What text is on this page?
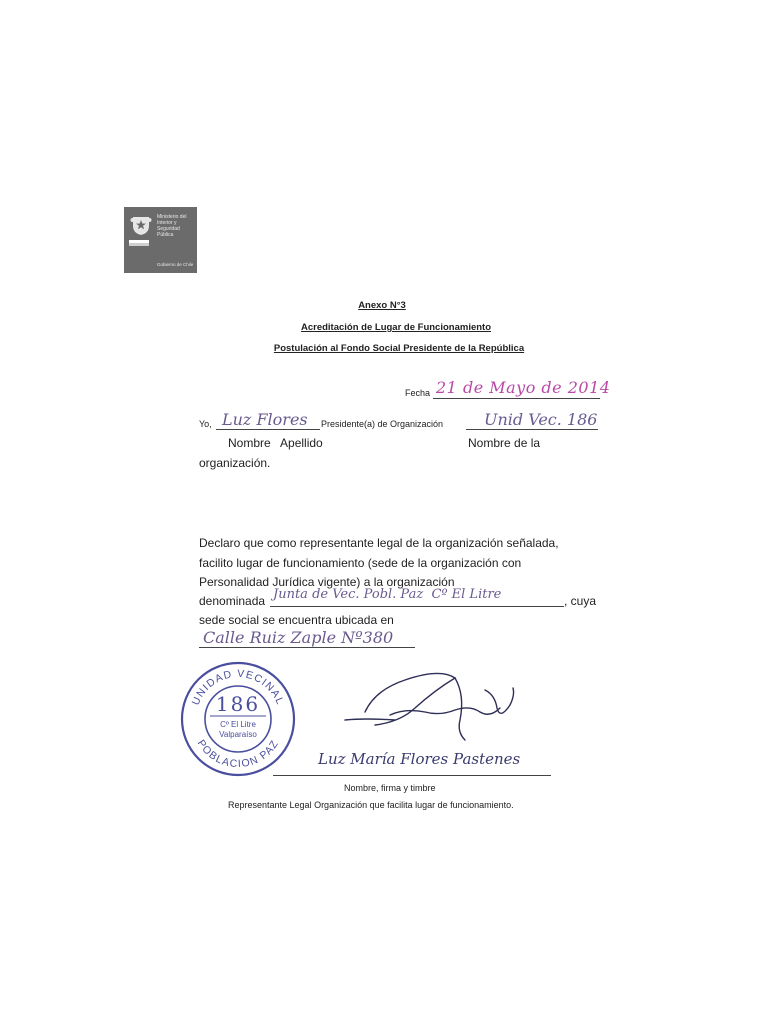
Ministerio del
Interior y
Seguridad
Pública
Gobierno de Chile
Anexo N°3
Acreditación de Lugar de Funcionamiento
Postulación al Fondo Social Presidente de la República
Fecha 21 de Mayo de 2014
Yo, Luz Flores Presidente(a) de Organización	Unid Vec. 186
Nombre   Apellido	Nombre de la
organización.
Declaro que como representante legal de la organización señalada,
facilito lugar de funcionamiento (sede de la organización con
Personalidad Jurídica vigente) a la organización
denominada Junta de Vec. Pobl. Paz  Cº El Litre	, cuya
sede social se encuentra ubicada en
Calle Ruiz Zaple Nº380
UNIDAD VECINAL
POBLACION PAZ
186
Cº El Litre
Valparaíso
Luz María Flores Pastenes
Nombre, firma y timbre
Representante Legal Organización que facilita lugar de funcionamiento.
